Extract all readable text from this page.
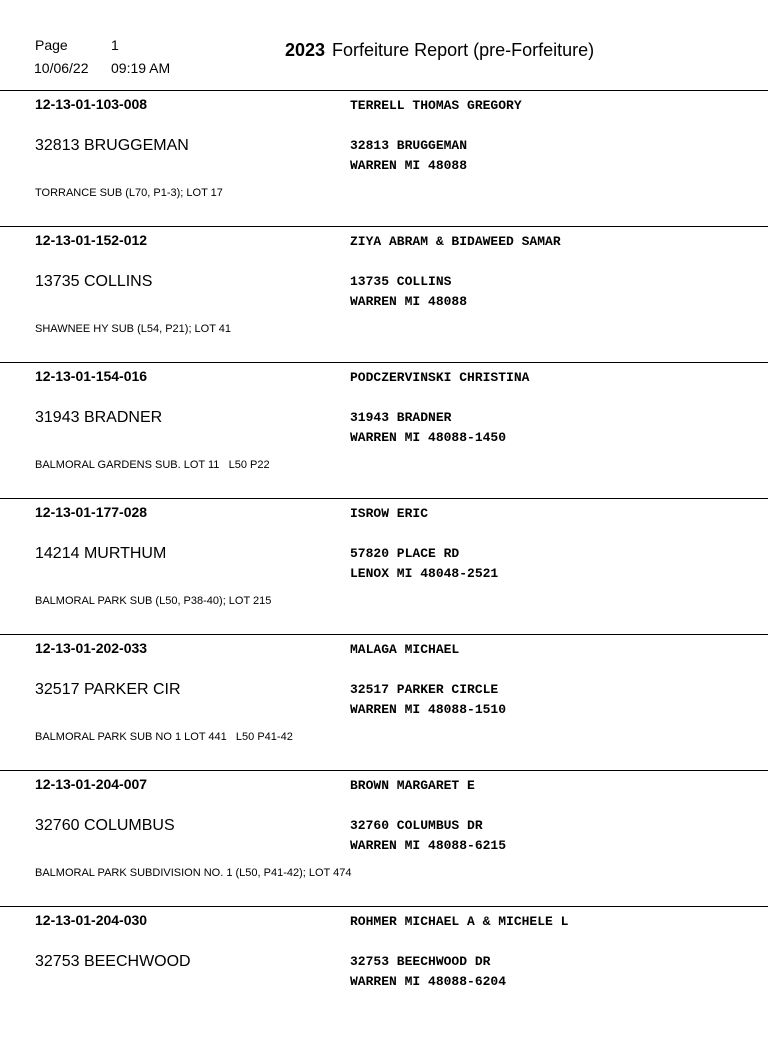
Page	1
10/06/22 09:19 AM
2023 Forfeiture Report (pre-Forfeiture)
12-13-01-103-008	TERRELL THOMAS GREGORY
32813 BRUGGEMAN	32813 BRUGGEMAN
WARREN MI 48088
TORRANCE SUB (L70, P1-3); LOT 17
12-13-01-152-012	ZIYA ABRAM & BIDAWEED SAMAR
13735 COLLINS	13735 COLLINS
WARREN MI 48088
SHAWNEE HY SUB (L54, P21); LOT 41
12-13-01-154-016	PODCZERVINSKI CHRISTINA
31943 BRADNER	31943 BRADNER
WARREN MI 48088-1450
BALMORAL GARDENS SUB. LOT 11   L50 P22
12-13-01-177-028	ISROW ERIC
14214 MURTHUM	57820 PLACE RD
LENOX MI 48048-2521
BALMORAL PARK SUB (L50, P38-40); LOT 215
12-13-01-202-033	MALAGA MICHAEL
32517 PARKER CIR	32517 PARKER CIRCLE
WARREN MI 48088-1510
BALMORAL PARK SUB NO 1 LOT 441   L50 P41-42
12-13-01-204-007	BROWN MARGARET E
32760 COLUMBUS	32760 COLUMBUS DR
WARREN MI 48088-6215
BALMORAL PARK SUBDIVISION NO. 1 (L50, P41-42); LOT 474
12-13-01-204-030	ROHMER MICHAEL A & MICHELE L
32753 BEECHWOOD	32753 BEECHWOOD DR
WARREN MI 48088-6204
